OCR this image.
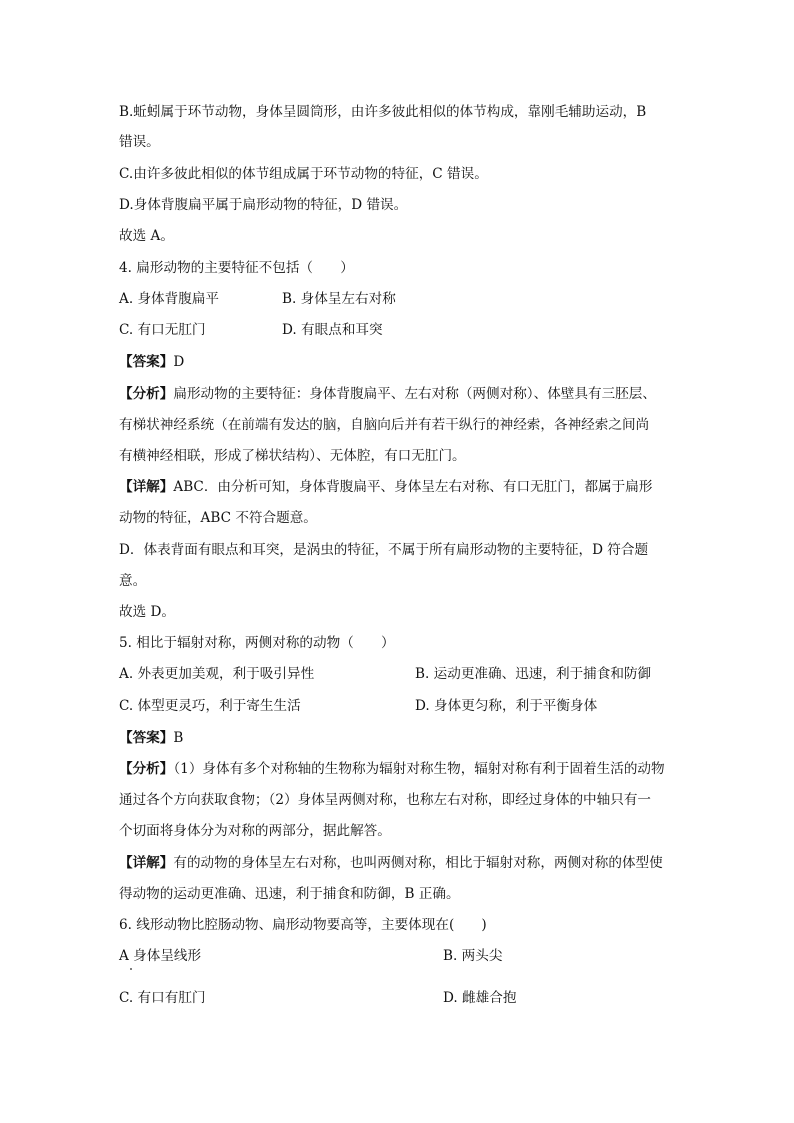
B.蚯蚓属于环节动物，身体呈圆筒形，由许多彼此相似的体节构成，靠刚毛辅助运动，B
错误。
C.由许多彼此相似的体节组成属于环节动物的特征，C 错误。
D.身体背腹扁平属于扁形动物的特征，D 错误。
故选 A。
4. 扁形动物的主要特征不包括（　　）
A. 身体背腹扁平	B. 身体呈左右对称
C. 有口无肛门	D. 有眼点和耳突
【答案】D
【分析】扁形动物的主要特征：身体背腹扁平、左右对称（两侧对称）、体壁具有三胚层、
有梯状神经系统（在前端有发达的脑，自脑向后并有若干纵行的神经索，各神经索之间尚
有横神经相联，形成了梯状结构）、无体腔，有口无肛门。
【详解】ABC．由分析可知，身体背腹扁平、身体呈左右对称、有口无肛门，都属于扁形
动物的特征，ABC 不符合题意。
D．体表背面有眼点和耳突，是涡虫的特征，不属于所有扁形动物的主要特征，D 符合题
意。
故选 D。
5. 相比于辐射对称，两侧对称的动物（　　）
A. 外表更加美观，利于吸引异性	B. 运动更准确、迅速，利于捕食和防御
C. 体型更灵巧，利于寄生生活	D. 身体更匀称，利于平衡身体
【答案】B
【分析】（1）身体有多个对称轴的生物称为辐射对称生物，辐射对称有利于固着生活的动物
通过各个方向获取食物；（2）身体呈两侧对称，也称左右对称，即经过身体的中轴只有一
个切面将身体分为对称的两部分，据此解答。
【详解】有的动物的身体呈左右对称，也叫两侧对称，相比于辐射对称，两侧对称的体型使
得动物的运动更准确、迅速，利于捕食和防御，B 正确。
6. 线形动物比腔肠动物、扁形动物要高等，主要体现在(　　)
A 身体呈线形	B. 两头尖
C. 有口有肛门	D. 雌雄合抱
